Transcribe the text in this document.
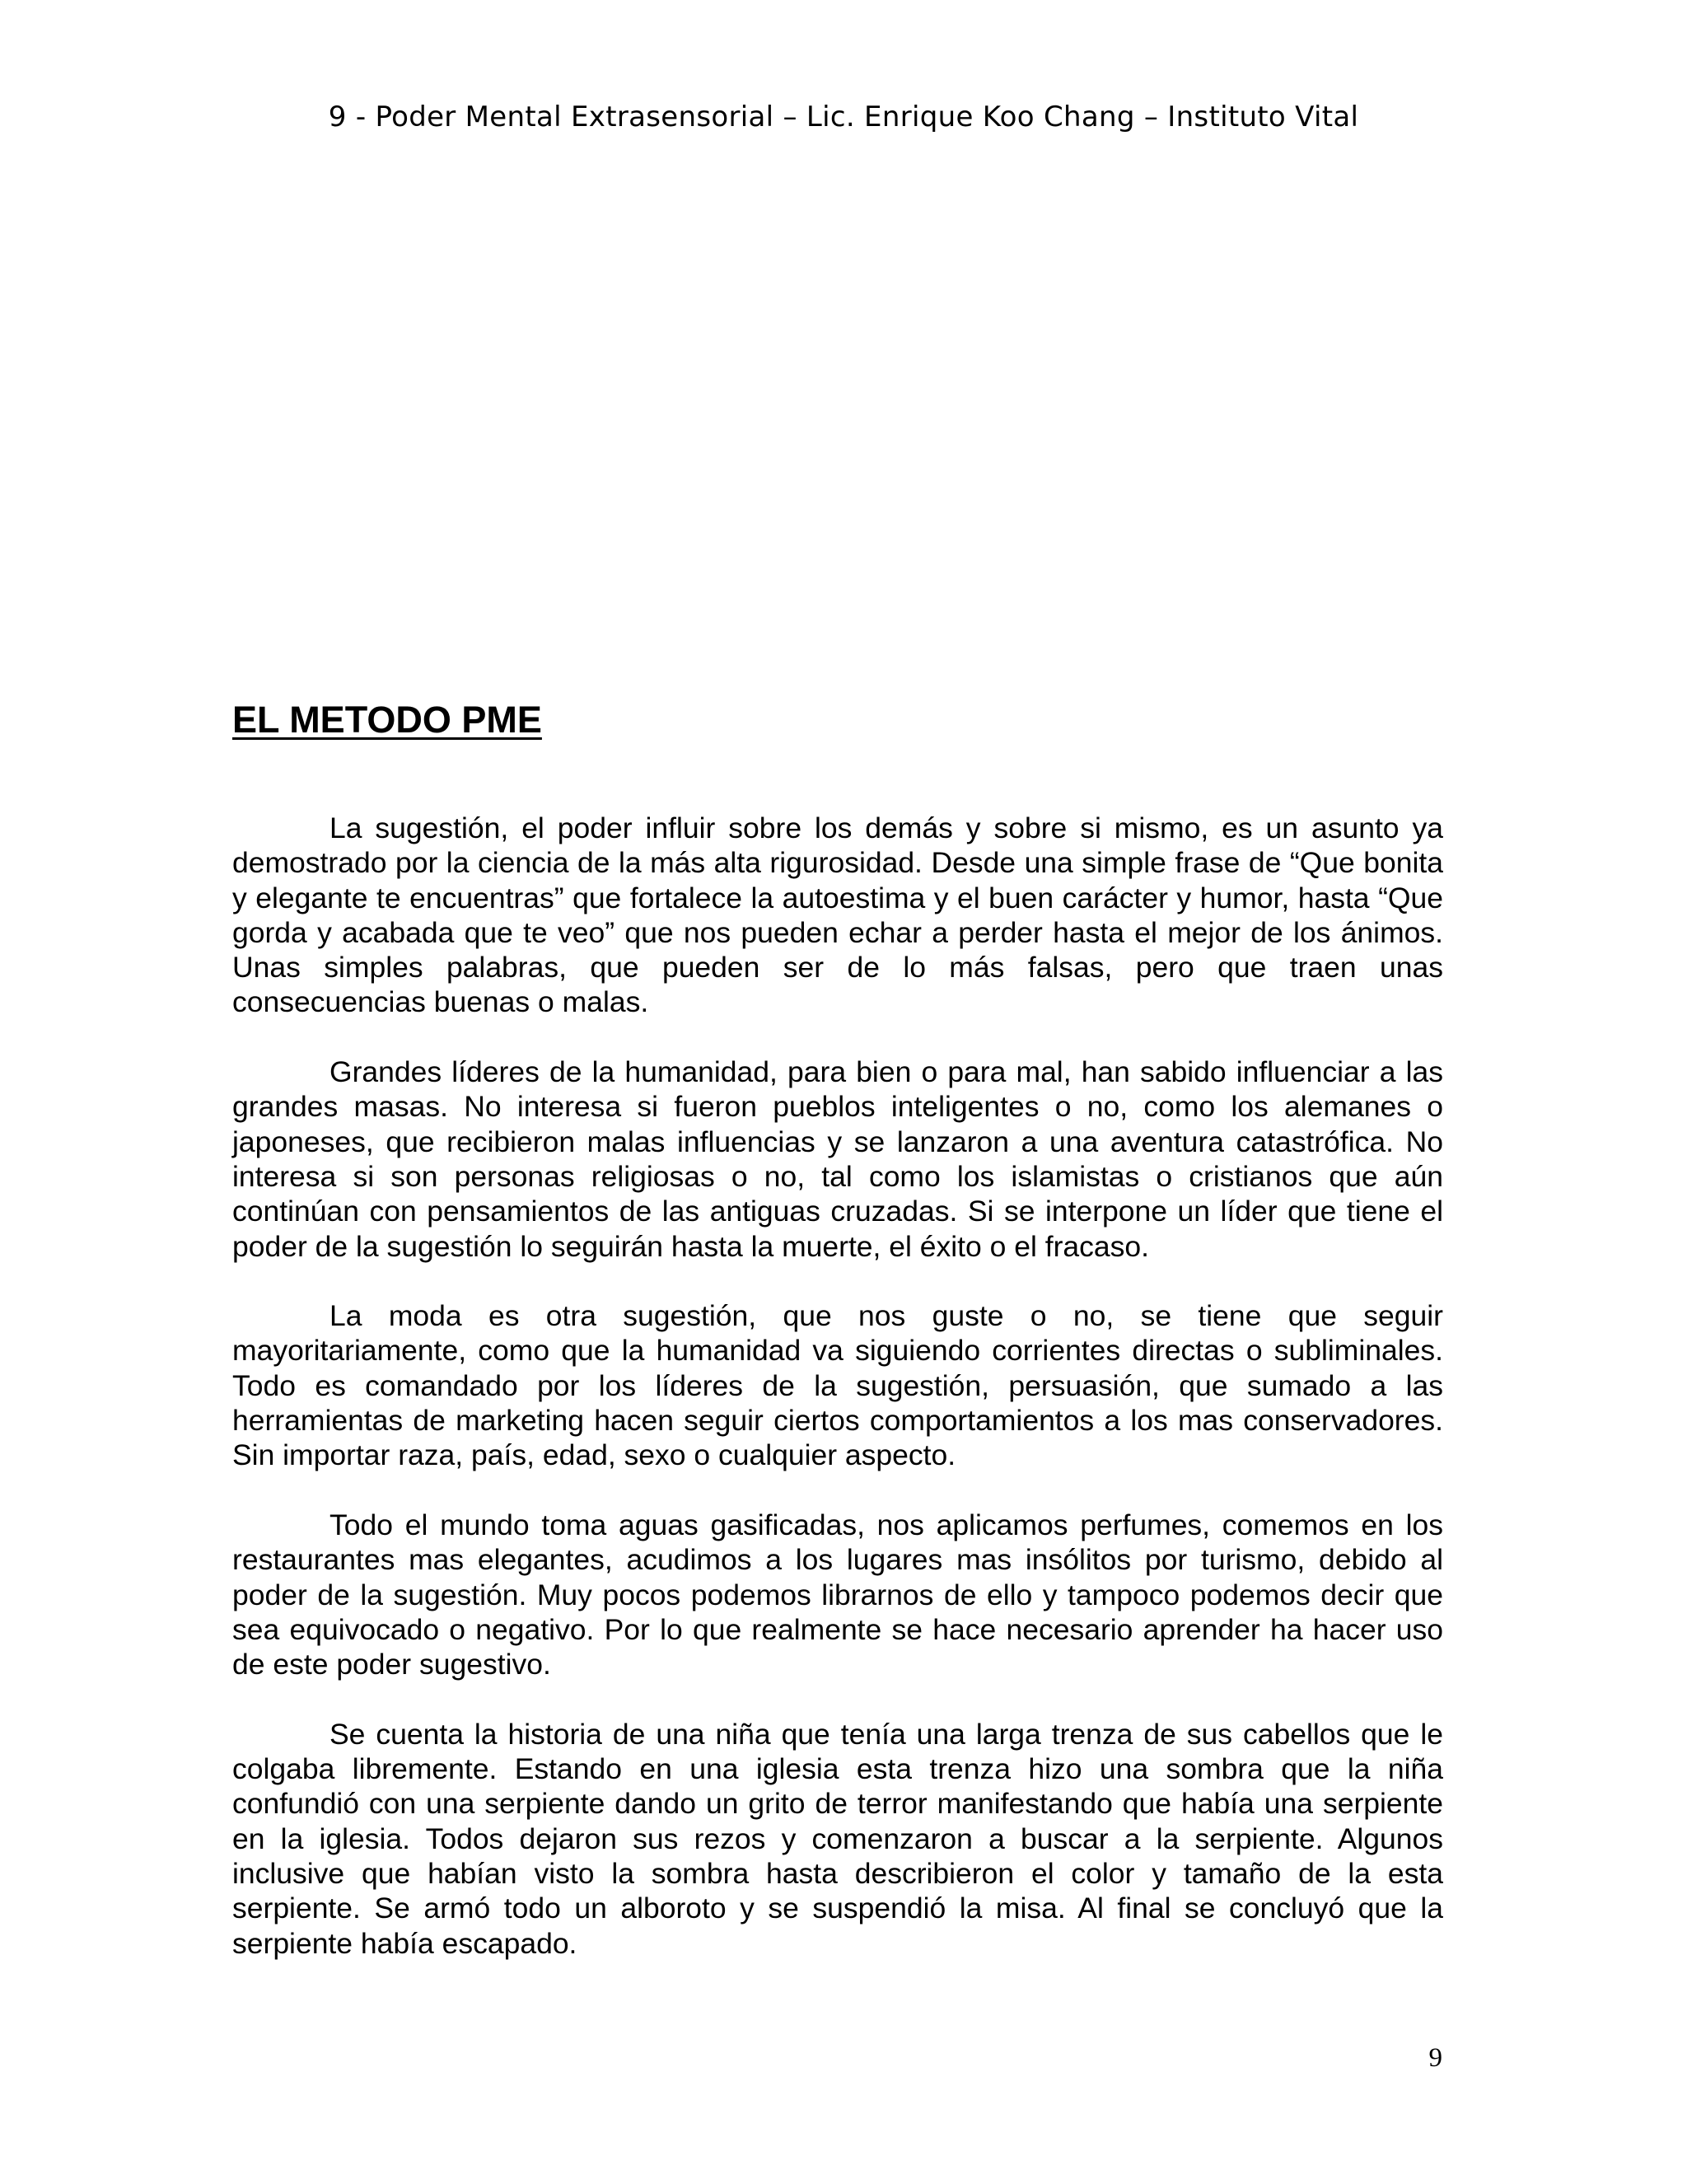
9 - Poder Mental Extrasensorial – Lic. Enrique Koo Chang – Instituto Vital
EL METODO PME

La sugestión, el poder influir sobre los demás y sobre si mismo, es un asunto ya demostrado por la ciencia de la más alta rigurosidad. Desde una simple frase de “Que bonita y elegante te encuentras” que fortalece la autoestima y el buen carácter y humor, hasta “Que gorda y acabada que te veo” que nos pueden echar a perder hasta el mejor de los ánimos. Unas simples palabras, que pueden ser de lo más falsas, pero que traen unas consecuencias buenas o malas.

Grandes líderes de la humanidad, para bien o para mal, han sabido influenciar a las grandes masas. No interesa si fueron pueblos inteligentes o no, como los alemanes o japoneses, que recibieron malas influencias y se lanzaron a una aventura catastrófica. No interesa si son personas religiosas o no, tal como los islamistas o cristianos que aún continúan con pensamientos de las antiguas cruzadas. Si se interpone un líder que tiene el poder de la sugestión lo seguirán hasta la muerte, el éxito o el fracaso.

La moda es otra sugestión, que nos guste o no, se tiene que seguir mayoritariamente, como que la humanidad va siguiendo corrientes directas o subliminales. Todo es comandado por los líderes de la sugestión, persuasión, que sumado a las herramientas de marketing hacen seguir ciertos comportamientos a los mas conservadores. Sin importar raza, país, edad, sexo o cualquier aspecto.

Todo el mundo toma aguas gasificadas, nos aplicamos perfumes, comemos en los restaurantes mas elegantes, acudimos a los lugares mas insólitos por turismo, debido al poder de la sugestión. Muy pocos podemos librarnos de ello y tampoco podemos decir que sea equivocado o negativo. Por lo que realmente se hace necesario aprender ha hacer uso de este poder sugestivo.

Se cuenta la historia de una niña que tenía una larga trenza de sus cabellos que le colgaba libremente. Estando en una iglesia esta trenza hizo una sombra que la niña confundió con una serpiente dando un grito de terror manifestando que había una serpiente en la iglesia. Todos dejaron sus rezos y comenzaron a buscar a la serpiente. Algunos inclusive que habían visto la sombra hasta describieron el color y tamaño de la esta serpiente. Se armó todo un alboroto y se suspendió la misa. Al final se concluyó que la serpiente había escapado.

9
